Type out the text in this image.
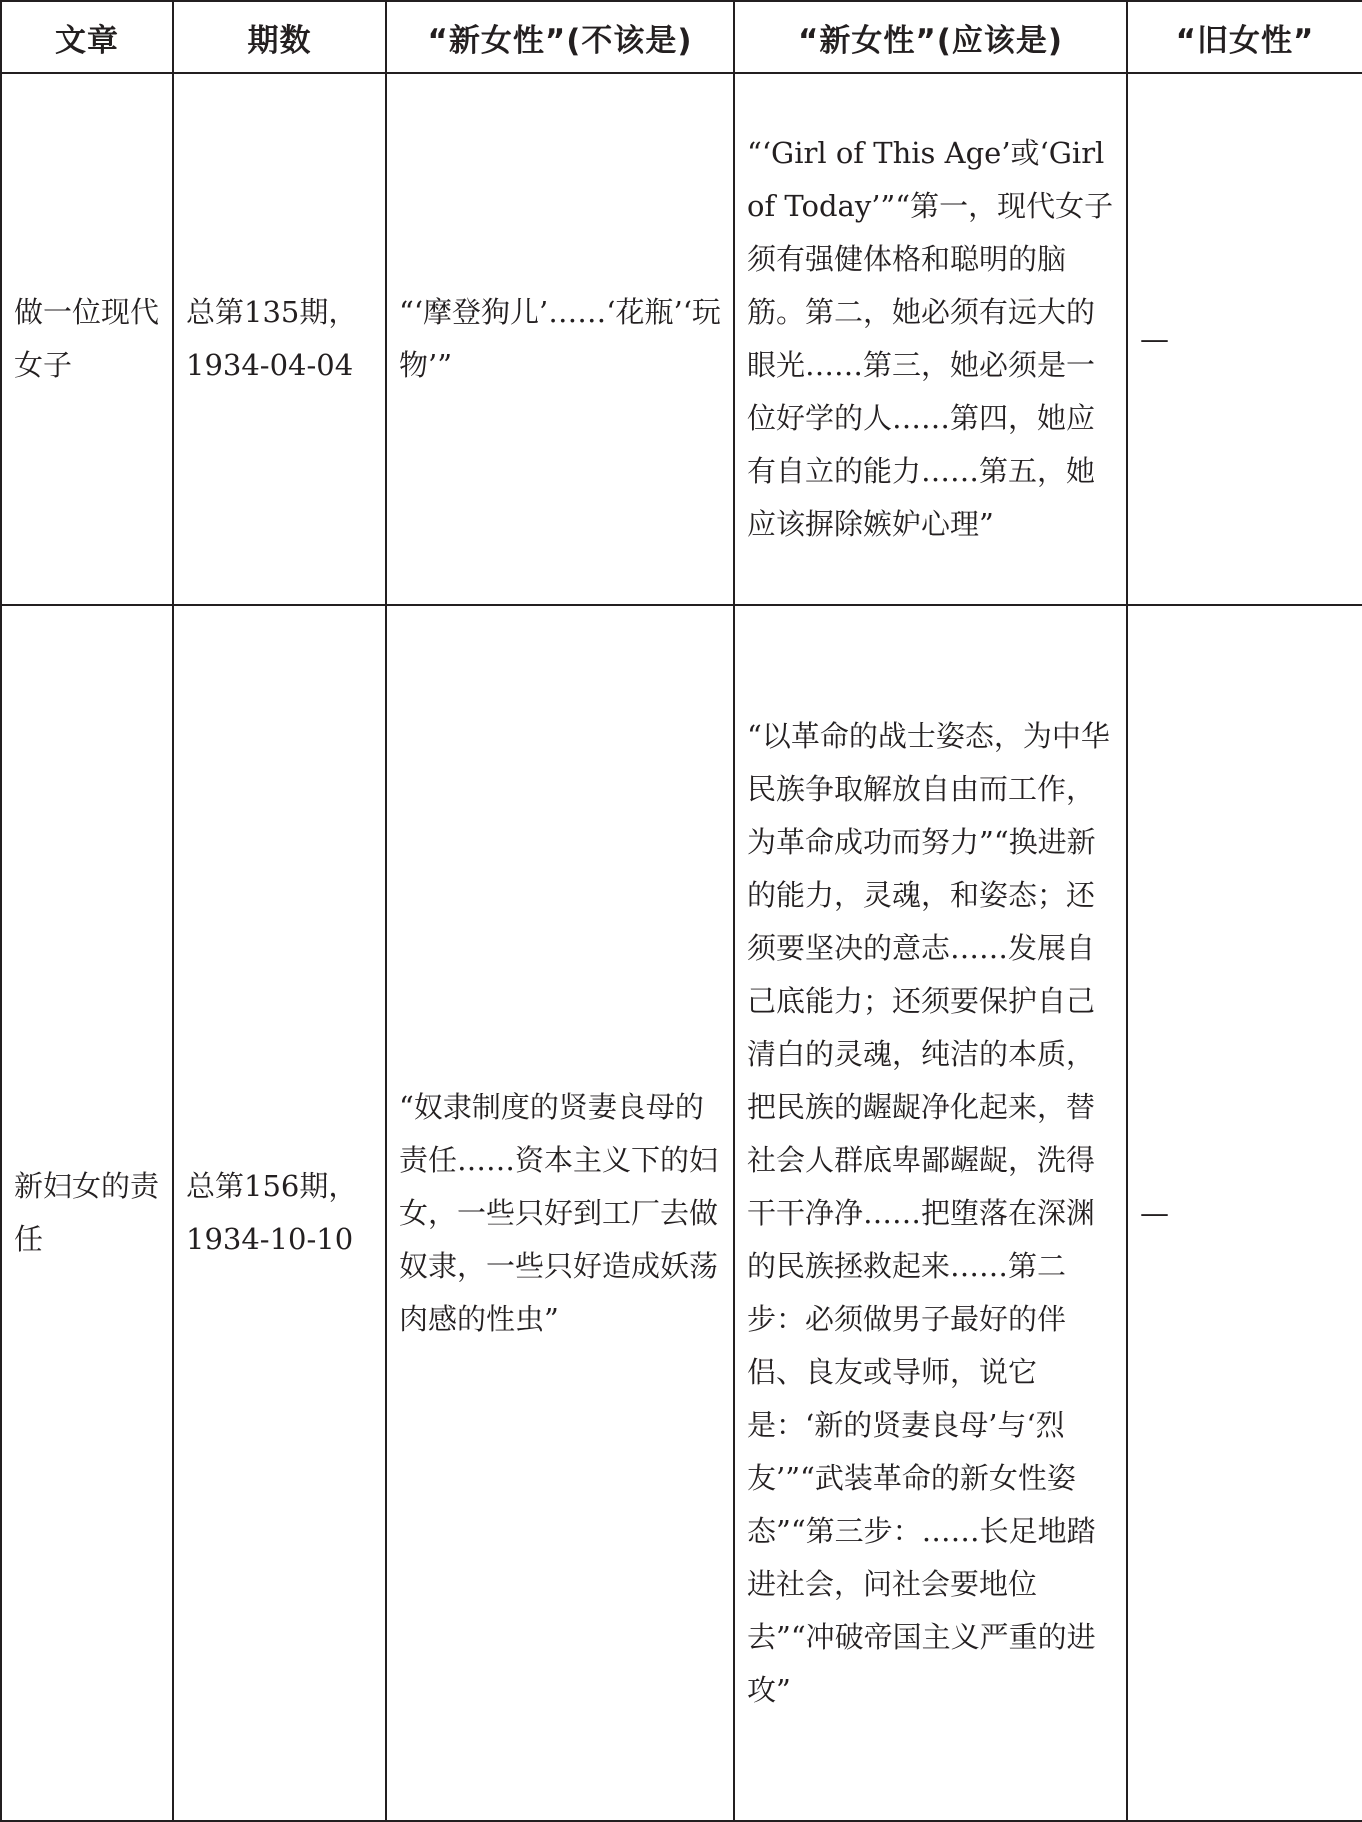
文章	期数	“新女性”(不该是)	“新女性”(应该是)	“旧女性”

做一位现代女子	总第135期，1934-04-04	“‘摩登狗儿’……‘花瓶’‘玩物’”	“‘Girl of This Age’或‘Girl of Today’”“第一，现代女子须有强健体格和聪明的脑筋。第二，她必须有远大的眼光……第三，她必须是一位好学的人……第四，她应有自立的能力……第五，她应该摒除嫉妒心理”	—

新妇女的责任	总第156期，1934-10-10	“奴隶制度的贤妻良母的责任……资本主义下的妇女，一些只好到工厂去做奴隶，一些只好造成妖荡肉感的性虫”	“以革命的战士姿态，为中华民族争取解放自由而工作，为革命成功而努力”“换进新的能力，灵魂，和姿态；还须要坚决的意志……发展自己底能力；还须要保护自己清白的灵魂，纯洁的本质，把民族的龌龊净化起来，替社会人群底卑鄙龌龊，洗得干干净净……把堕落在深渊的民族拯救起来……第二步：必须做男子最好的伴侣、良友或导师，说它是：‘新的贤妻良母’与‘烈友’”“武装革命的新女性姿态”“第三步：……长足地踏进社会，问社会要地位去”“冲破帝国主义严重的进攻”	—
